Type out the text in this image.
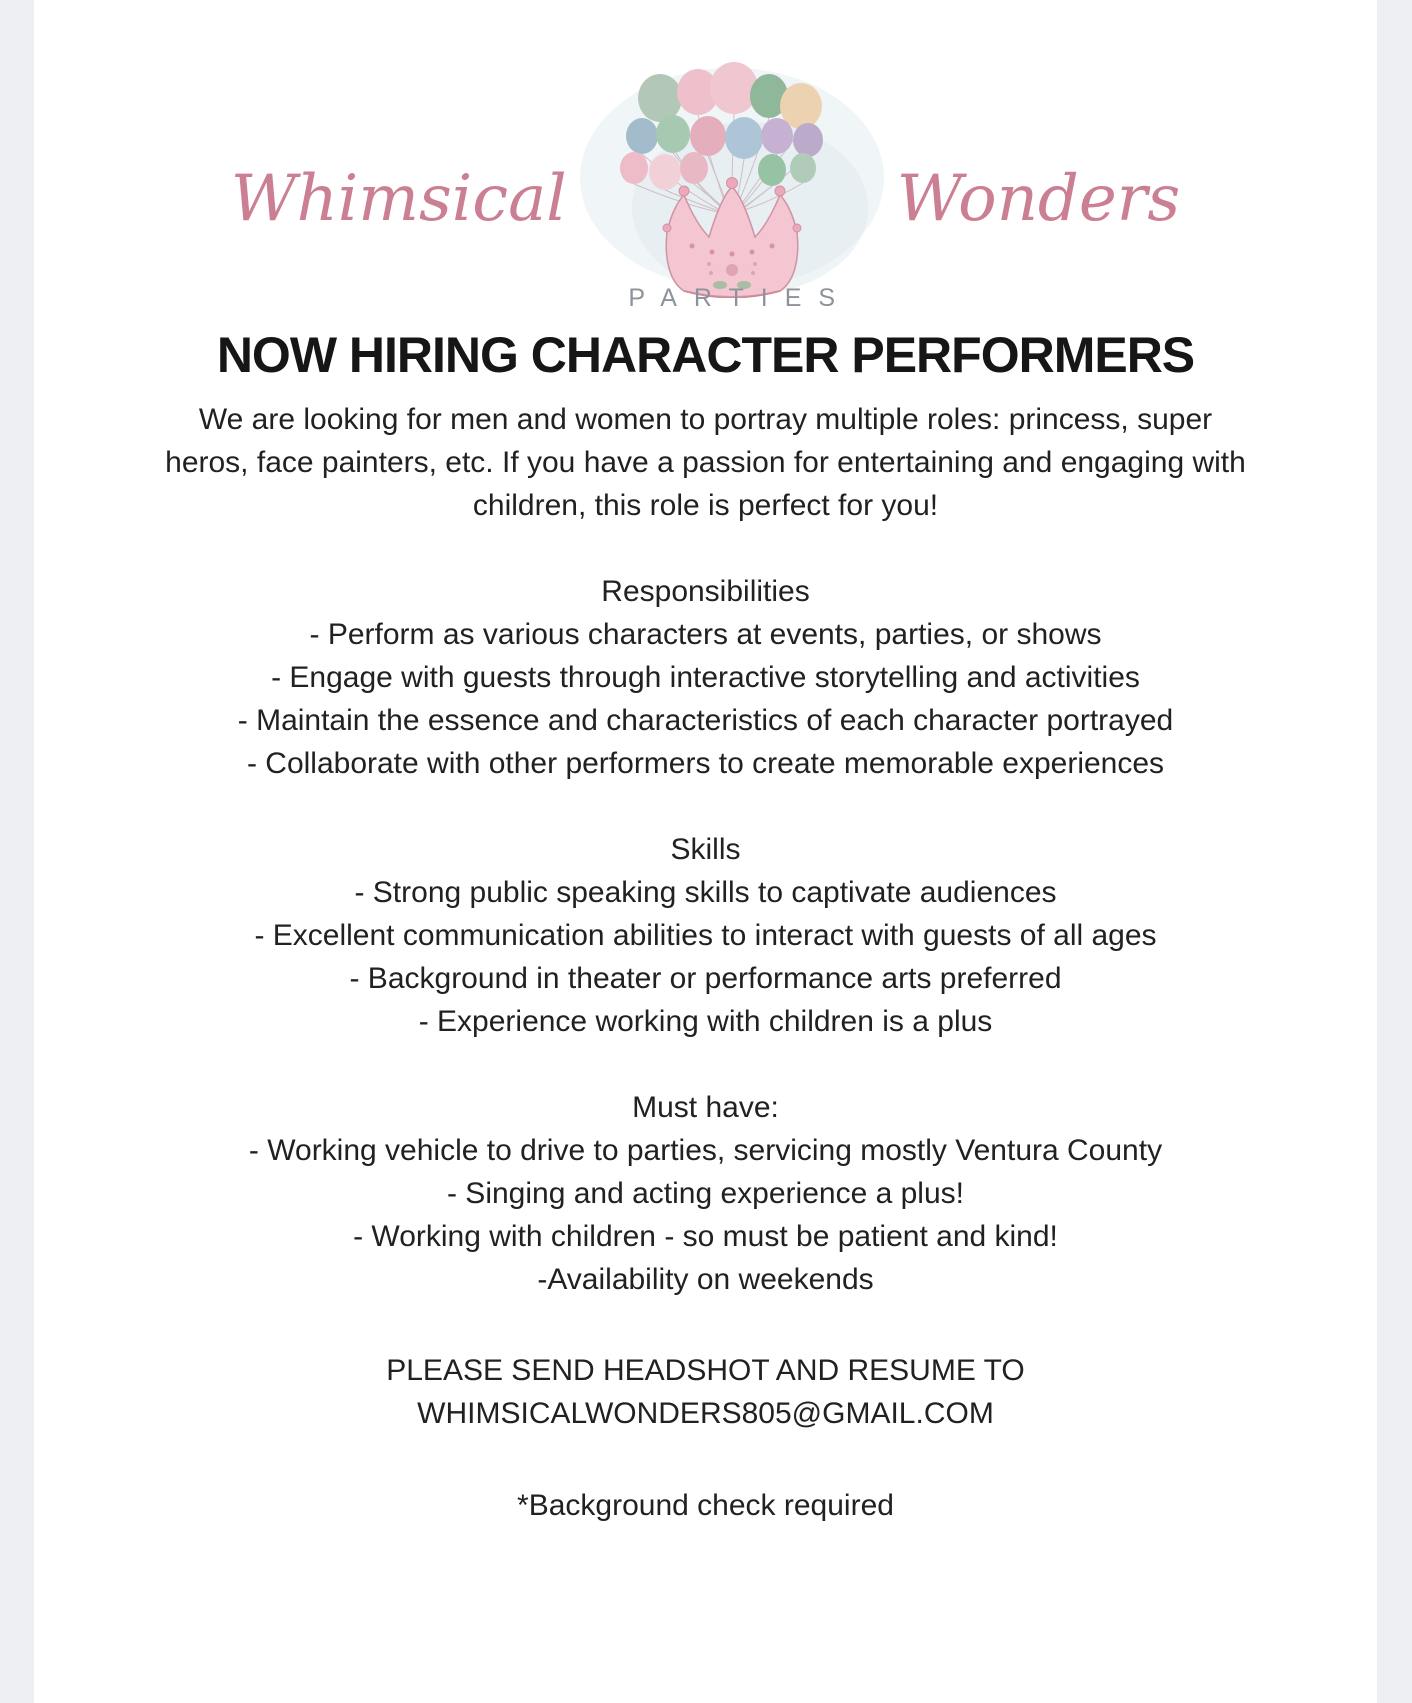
Whimsical
PARTIES
Wonders
NOW HIRING CHARACTER PERFORMERS
We are looking for men and women to portray multiple roles: princess, super
heros, face painters, etc. If you have a passion for entertaining and engaging with
children, this role is perfect for you!
Responsibilities
- Perform as various characters at events, parties, or shows
- Engage with guests through interactive storytelling and activities
- Maintain the essence and characteristics of each character portrayed
- Collaborate with other performers to create memorable experiences
Skills
- Strong public speaking skills to captivate audiences
- Excellent communication abilities to interact with guests of all ages
- Background in theater or performance arts preferred
- Experience working with children is a plus
Must have:
- Working vehicle to drive to parties, servicing mostly Ventura County
- Singing and acting experience a plus!
- Working with children - so must be patient and kind!
-Availability on weekends
PLEASE SEND HEADSHOT AND RESUME TO
WHIMSICALWONDERS805@GMAIL.COM
*Background check required
